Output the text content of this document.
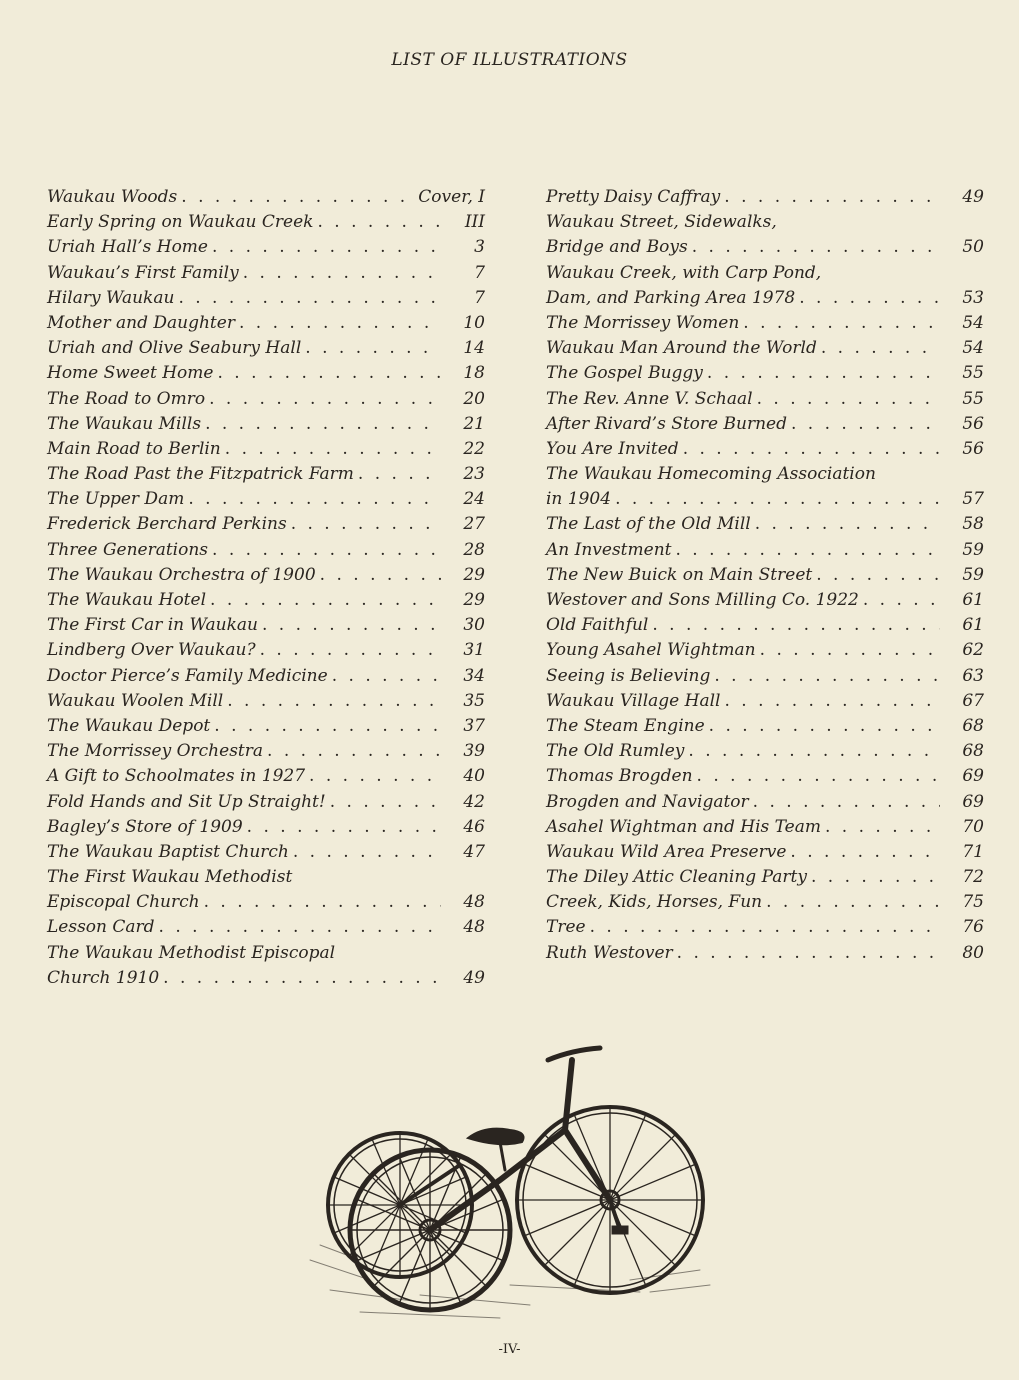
LIST OF ILLUSTRATIONS
Waukau Woods . . .	Cover, I
Early Spring on Waukau Creek . . .	III
Uriah Hall’s Home . . .	3
Waukau’s First Family . . .	7
Hilary Waukau . . .	7
Mother and Daughter . . .	10
Uriah and Olive Seabury Hall . . .	14
Home Sweet Home . . .	18
The Road to Omro . . .	20
The Waukau Mills . . .	21
Main Road to Berlin . . .	22
The Road Past the Fitzpatrick Farm . . .	23
The Upper Dam . . .	24
Frederick Berchard Perkins . . .	27
Three Generations . . .	28
The Waukau Orchestra of 1900 . . .	29
The Waukau Hotel . . .	29
The First Car in Waukau . . .	30
Lindberg Over Waukau? . . .	31
Doctor Pierce’s Family Medicine . . .	34
Waukau Woolen Mill . . .	35
The Waukau Depot . . .	37
The Morrissey Orchestra . . .	39
A Gift to Schoolmates in 1927 . . .	40
Fold Hands and Sit Up Straight! . . .	42
Bagley’s Store of 1909 . . .	46
The Waukau Baptist Church . . .	47
The First Waukau Methodist
Episcopal Church . . .	48
Lesson Card . . .	48
The Waukau Methodist Episcopal
Church 1910 . . .	49
Pretty Daisy Caffray . . .	49
Waukau Street, Sidewalks,
Bridge and Boys . . .	50
Waukau Creek, with Carp Pond,
Dam, and Parking Area 1978 . . .	53
The Morrissey Women . . .	54
Waukau Man Around the World . . .	54
The Gospel Buggy . . .	55
The Rev. Anne V. Schaal . . .	55
After Rivard’s Store Burned . . .	56
You Are Invited . . .	56
The Waukau Homecoming Association
in 1904 . . .	57
The Last of the Old Mill . . .	58
An Investment . . .	59
The New Buick on Main Street . . .	59
Westover and Sons Milling Co. 1922 . . .	61
Old Faithful . . .	61
Young Asahel Wightman . . .	62
Seeing is Believing . . .	63
Waukau Village Hall . . .	67
The Steam Engine . . .	68
The Old Rumley . . .	68
Thomas Brogden . . .	69
Brogden and Navigator . . .	69
Asahel Wightman and His Team . . .	70
Waukau Wild Area Preserve . . .	71
The Diley Attic Cleaning Party . . .	72
Creek, Kids, Horses, Fun . . .	75
Tree . . .	76
Ruth Westover . . .	80
-IV-
